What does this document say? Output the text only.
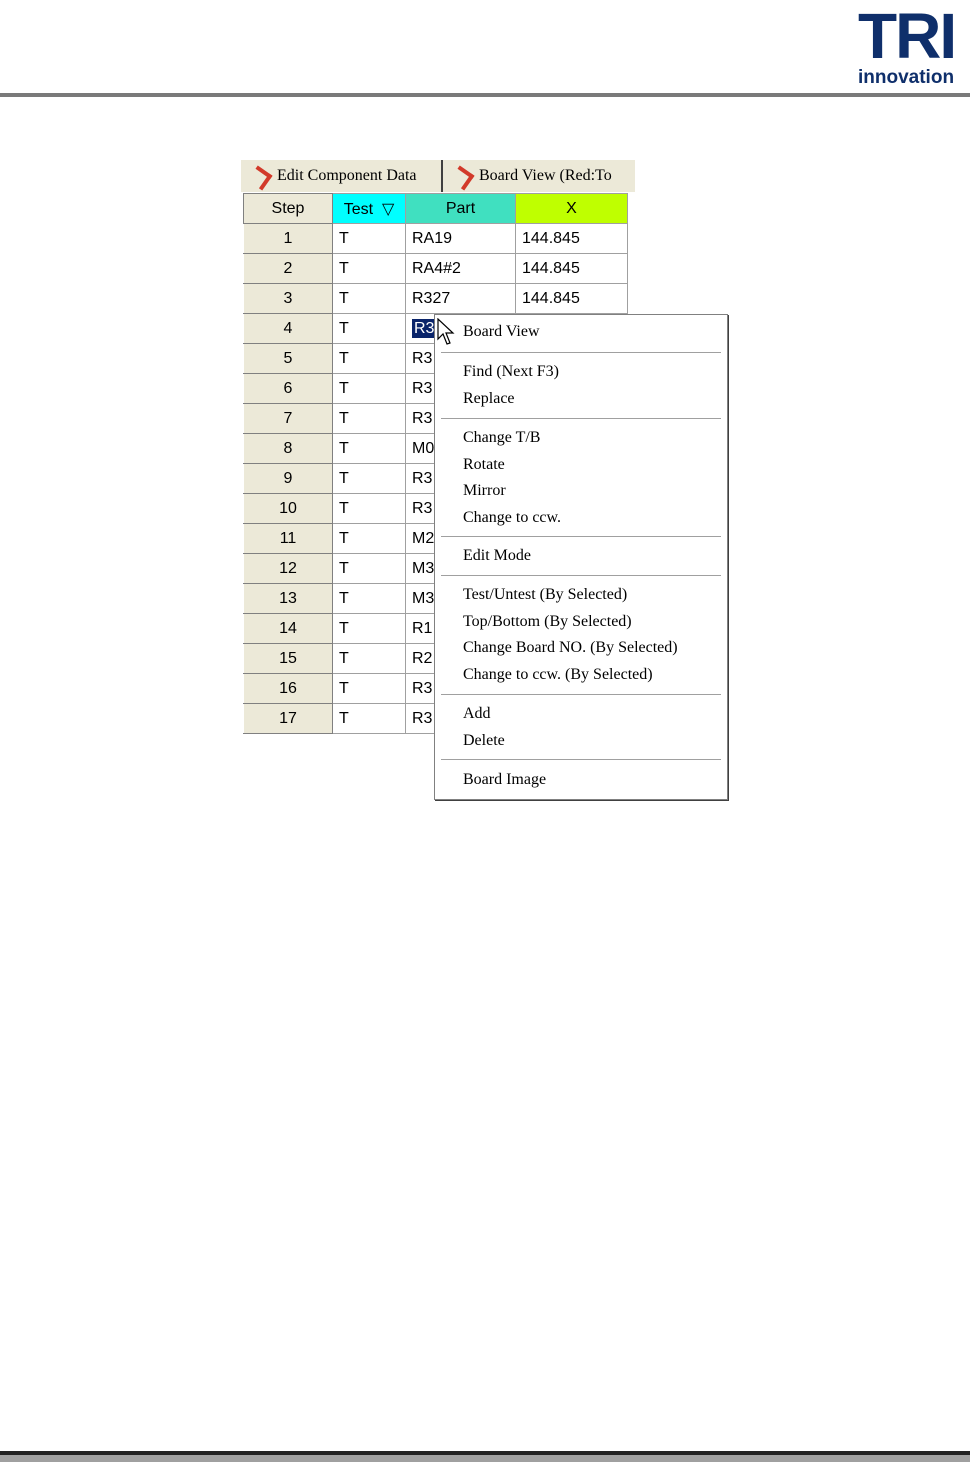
TRI
innovation
Edit Component Data	Board View (Red:To
Step	Test ▽	Part	X
1	T	RA19	144.845
2	T	RA4#2	144.845
3	T	R327	144.845
4	T	R3	
5	T	R3	
6	T	R3	
7	T	R3	
8	T	M0	
9	T	R3	
10	T	R3	
11	T	M2	
12	T	M3	
13	T	M3	
14	T	R1	
15	T	R2	
16	T	R3	
17	T	R3	
Board View
Find (Next F3)
Replace
Change T/B
Rotate
Mirror
Change to ccw.
Edit Mode
Test/Untest (By Selected)
Top/Bottom (By Selected)
Change Board NO. (By Selected)
Change to ccw. (By Selected)
Add
Delete
Board Image
